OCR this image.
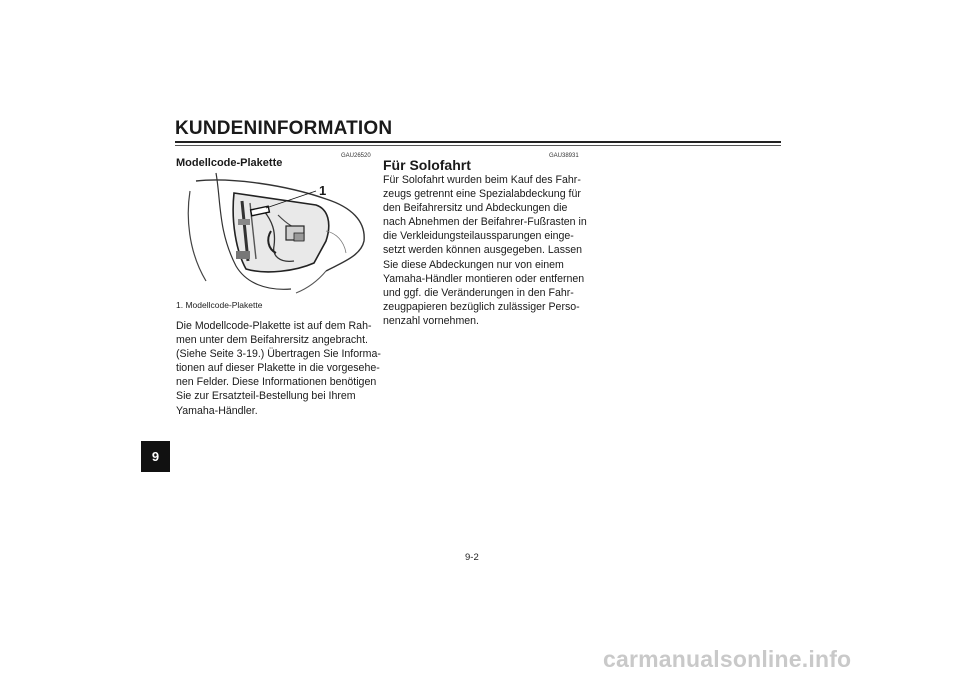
KUNDENINFORMATION
9
GAU26520
Modellcode-Plakette
1
1. Modellcode-Plakette

Die Modellcode-Plakette ist auf dem Rah-
men unter dem Beifahrersitz angebracht.
(Siehe Seite 3-19.) Übertragen Sie Informa-
tionen auf dieser Plakette in die vorgesehe-
nen Felder. Diese Informationen benötigen
Sie zur Ersatzteil-Bestellung bei Ihrem
Yamaha-Händler.

GAU38931
Für Solofahrt

Für Solofahrt wurden beim Kauf des Fahr-
zeugs getrennt eine Spezialabdeckung für
den Beifahrersitz und Abdeckungen die
nach Abnehmen der Beifahrer-Fußrasten in
die Verkleidungsteilaussparungen einge-
setzt werden können ausgegeben. Lassen
Sie diese Abdeckungen nur von einem
Yamaha-Händler montieren oder entfernen
und ggf. die Veränderungen in den Fahr-
zeugpapieren bezüglich zulässiger Perso-
nenzahl vornehmen.

9-2
carmanualsonline.info
